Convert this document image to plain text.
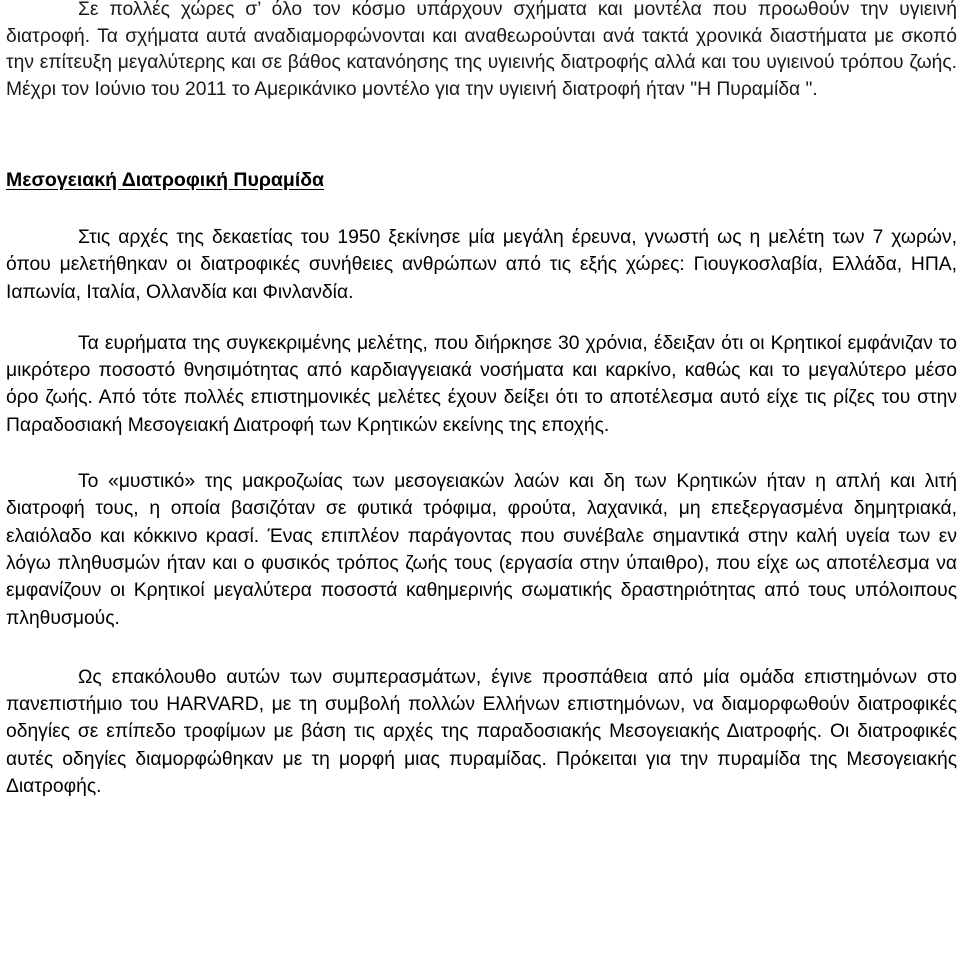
Σε πολλές χώρες σ’ όλο τον κόσμο υπάρχουν σχήματα και μοντέλα που προωθούν την υγιεινή διατροφή. Τα σχήματα αυτά αναδιαμορφώνονται και αναθεωρούνται ανά τακτά χρονικά διαστήματα με σκοπό την επίτευξη μεγαλύτερης και σε βάθος κατανόησης της υγιεινής διατροφής αλλά και του υγιεινού τρόπου ζωής. Μέχρι τον Ιούνιο του 2011 το Αμερικάνικο μοντέλο για την υγιεινή διατροφή ήταν "Η Πυραμίδα ".

Μεσογειακή Διατροφική Πυραμίδα

Στις αρχές της δεκαετίας του 1950 ξεκίνησε μία μεγάλη έρευνα, γνωστή ως η μελέτη των 7 χωρών, όπου μελετήθηκαν οι διατροφικές συνήθειες ανθρώπων από τις εξής χώρες: Γιουγκοσλαβία, Ελλάδα, ΗΠΑ, Ιαπωνία, Ιταλία, Ολλανδία και Φινλανδία.

Τα ευρήματα της συγκεκριμένης μελέτης, που διήρκησε 30 χρόνια, έδειξαν ότι οι Κρητικοί εμφάνιζαν το μικρότερο ποσοστό θνησιμότητας από καρδιαγγειακά νοσήματα και καρκίνο, καθώς και το μεγαλύτερο μέσο όρο ζωής. Από τότε πολλές επιστημονικές μελέτες έχουν δείξει ότι το αποτέλεσμα αυτό είχε τις ρίζες του στην Παραδοσιακή Μεσογειακή Διατροφή των Κρητικών εκείνης της εποχής.

Το «μυστικό» της μακροζωίας των μεσογειακών λαών και δη των Κρητικών ήταν η απλή και λιτή διατροφή τους, η οποία βασιζόταν σε φυτικά τρόφιμα, φρούτα, λαχανικά, μη επεξεργασμένα δημητριακά, ελαιόλαδο και κόκκινο κρασί. Ένας επιπλέον παράγοντας που συνέβαλε σημαντικά στην καλή υγεία των εν λόγω πληθυσμών ήταν και ο φυσικός τρόπος ζωής τους (εργασία στην ύπαιθρο), που είχε ως αποτέλεσμα να εμφανίζουν οι Κρητικοί μεγαλύτερα ποσοστά καθημερινής σωματικής δραστηριότητας από τους υπόλοιπους πληθυσμούς.

Ως επακόλουθο αυτών των συμπερασμάτων, έγινε προσπάθεια από μία ομάδα επιστημόνων στο πανεπιστήμιο του HARVARD, με τη συμβολή πολλών Ελλήνων επιστημόνων, να διαμορφωθούν διατροφικές οδηγίες σε επίπεδο τροφίμων με βάση τις αρχές της παραδοσιακής Μεσογειακής Διατροφής. Οι διατροφικές αυτές οδηγίες διαμορφώθηκαν με τη μορφή μιας πυραμίδας. Πρόκειται για την πυραμίδα της Μεσογειακής Διατροφής.
